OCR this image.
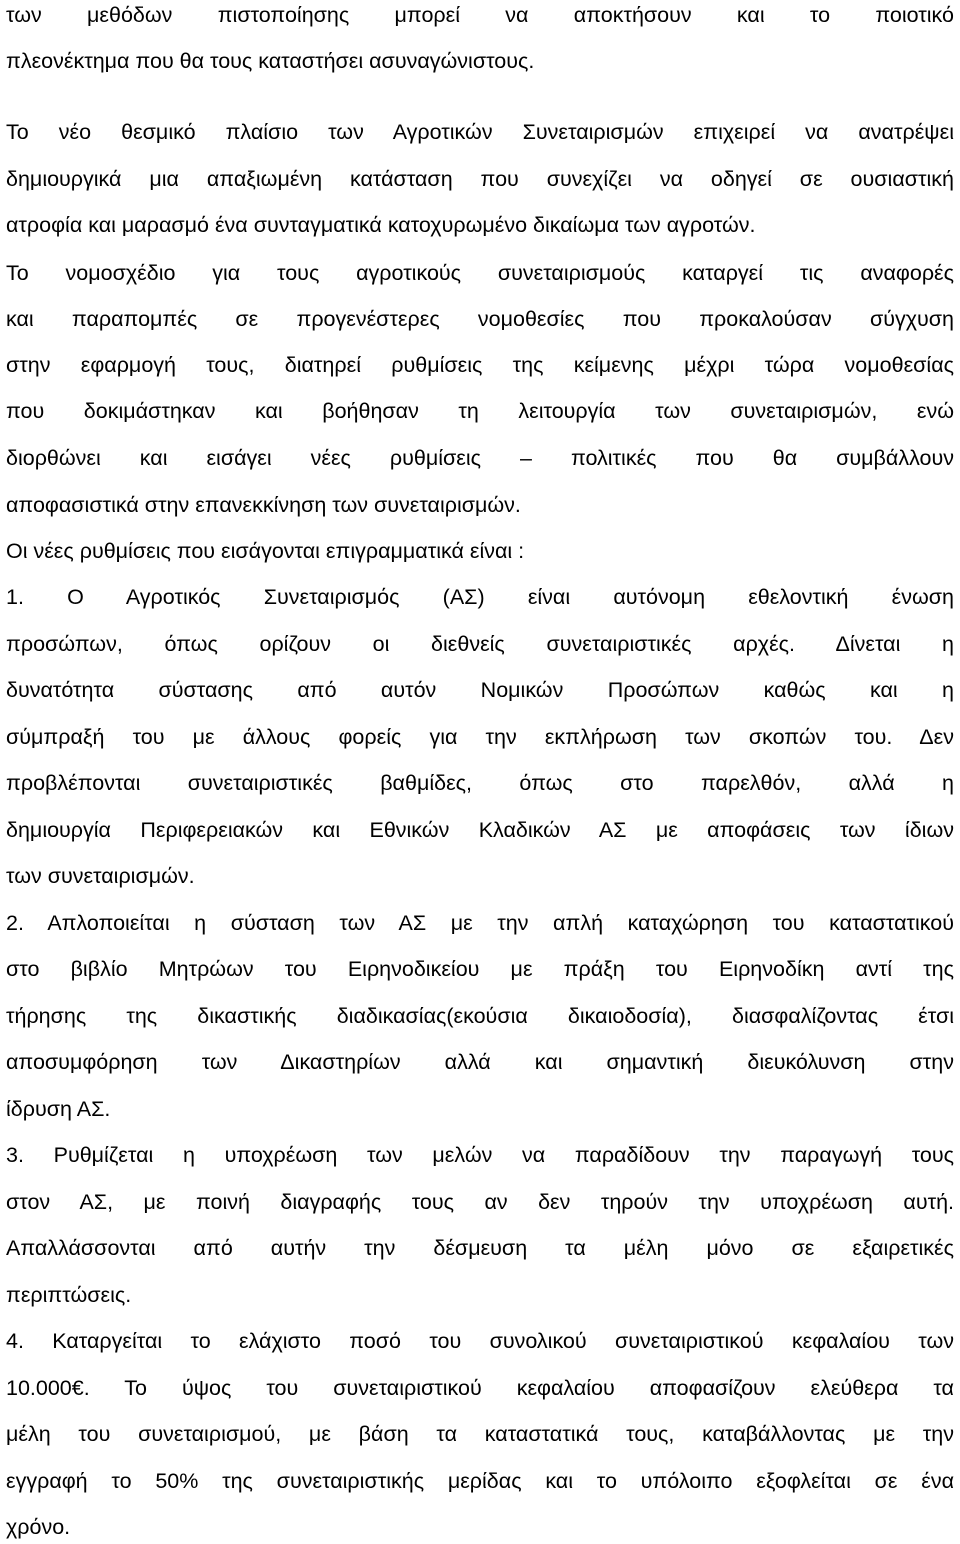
των μεθόδων πιστοποίησης μπορεί να αποκτήσουν και το ποιοτικό
πλεονέκτημα που θα τους καταστήσει ασυναγώνιστους.
Το νέο θεσμικό πλαίσιο των Αγροτικών Συνεταιρισμών επιχειρεί να ανατρέψει
δημιουργικά μια απαξιωμένη κατάσταση που συνεχίζει να οδηγεί σε ουσιαστική
ατροφία και μαρασμό ένα συνταγματικά κατοχυρωμένο δικαίωμα των αγροτών.
Το νομοσχέδιο για τους αγροτικούς συνεταιρισμούς καταργεί τις αναφορές
και παραπομπές σε προγενέστερες νομοθεσίες που προκαλούσαν σύγχυση
στην εφαρμογή τους, διατηρεί ρυθμίσεις της κείμενης μέχρι τώρα νομοθεσίας
που δοκιμάστηκαν και βοήθησαν τη λειτουργία των συνεταιρισμών, ενώ
διορθώνει και εισάγει νέες ρυθμίσεις – πολιτικές που θα συμβάλλουν
αποφασιστικά στην επανεκκίνηση των συνεταιρισμών.
Οι νέες ρυθμίσεις που εισάγονται επιγραμματικά είναι :
1. Ο Αγροτικός Συνεταιρισμός (ΑΣ) είναι αυτόνομη εθελοντική ένωση
προσώπων, όπως ορίζουν οι διεθνείς συνεταιριστικές αρχές. Δίνεται η
δυνατότητα σύστασης από αυτόν Νομικών Προσώπων καθώς και η
σύμπραξή του με άλλους φορείς για την εκπλήρωση των σκοπών του. Δεν
προβλέπονται συνεταιριστικές βαθμίδες, όπως στο παρελθόν, αλλά η
δημιουργία Περιφερειακών και Εθνικών Κλαδικών ΑΣ με αποφάσεις των ίδιων
των συνεταιρισμών.
2. Απλοποιείται η σύσταση των ΑΣ με την απλή καταχώρηση του καταστατικού
στο βιβλίο Μητρώων του Ειρηνοδικείου με πράξη του Ειρηνοδίκη αντί της
τήρησης της δικαστικής διαδικασίας(εκούσια δικαιοδοσία), διασφαλίζοντας έτσι
αποσυμφόρηση των Δικαστηρίων αλλά και σημαντική διευκόλυνση στην
ίδρυση ΑΣ.
3. Ρυθμίζεται η υποχρέωση των μελών να παραδίδουν την παραγωγή τους
στον ΑΣ, με ποινή διαγραφής τους αν δεν τηρούν την υποχρέωση αυτή.
Απαλλάσσονται από αυτήν την δέσμευση τα μέλη μόνο σε εξαιρετικές
περιπτώσεις.
4. Καταργείται το ελάχιστο ποσό του συνολικού συνεταιριστικού κεφαλαίου των
10.000€. Το ύψος του συνεταιριστικού κεφαλαίου αποφασίζουν ελεύθερα τα
μέλη του συνεταιρισμού, με βάση τα καταστατικά τους, καταβάλλοντας με την
εγγραφή το 50% της συνεταιριστικής μερίδας και το υπόλοιπο εξοφλείται σε ένα
χρόνο.
